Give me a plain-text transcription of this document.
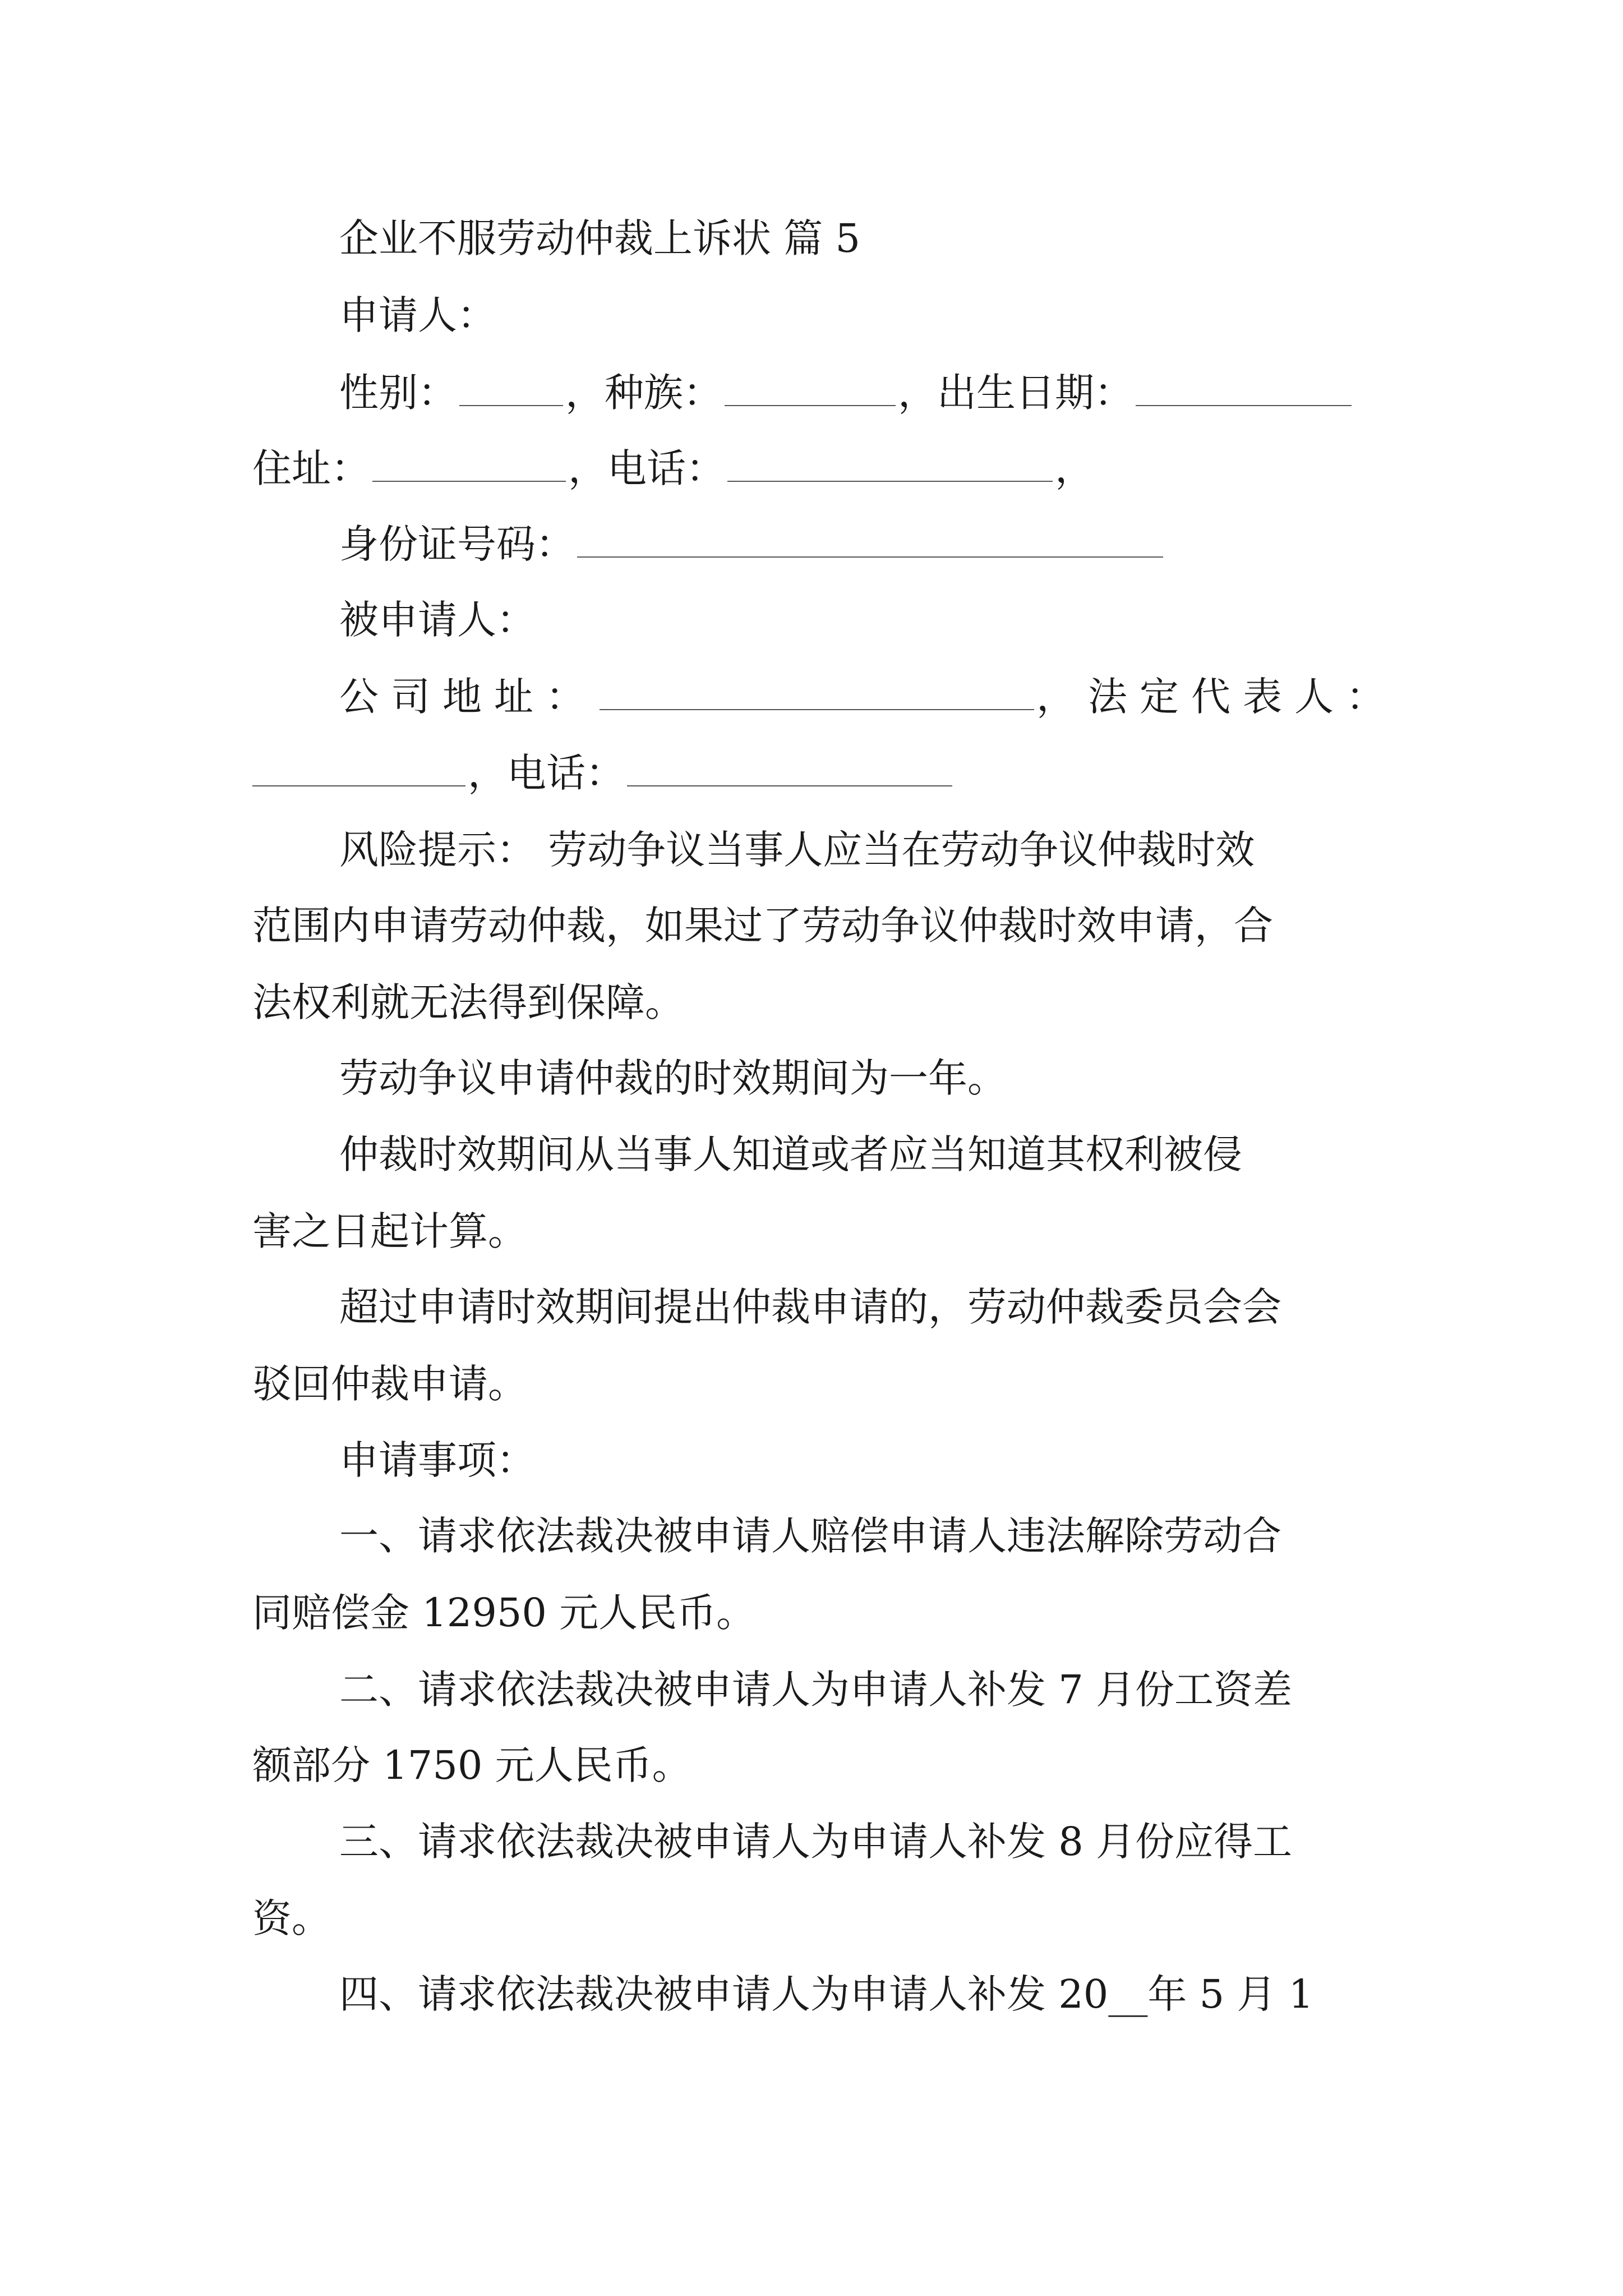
企业不服劳动仲裁上诉状 篇 5
申请人：
性别：	，种族：	，出生日期：
住址：	，电话：	，
身份证号码：
被申请人：
公司地址：	，法定代表人：
，电话：
风险提示： 劳动争议当事人应当在劳动争议仲裁时效
范围内申请劳动仲裁，如果过了劳动争议仲裁时效申请，合
法权利就无法得到保障。
劳动争议申请仲裁的时效期间为一年。
仲裁时效期间从当事人知道或者应当知道其权利被侵
害之日起计算。
超过申请时效期间提出仲裁申请的，劳动仲裁委员会会
驳回仲裁申请。
申请事项：
一、请求依法裁决被申请人赔偿申请人违法解除劳动合
同赔偿金 12950 元人民币。
二、请求依法裁决被申请人为申请人补发 7 月份工资差
额部分 1750 元人民币。
三、请求依法裁决被申请人为申请人补发 8 月份应得工
资。
四、请求依法裁决被申请人为申请人补发 20__年 5 月 1
